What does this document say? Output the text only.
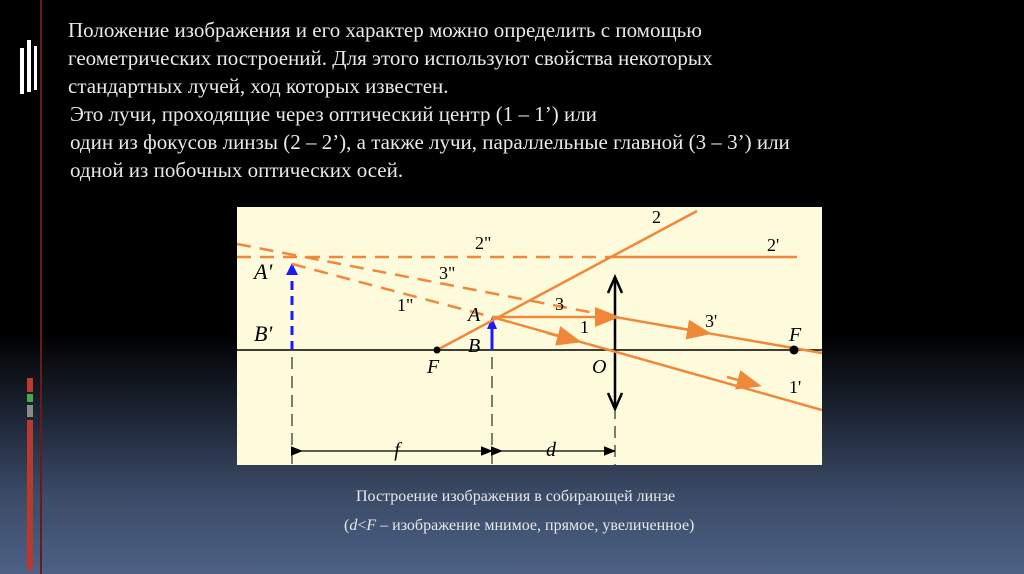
Положение изображения и его характер можно определить с помощью

геометрических построений. Для этого используют свойства некоторых

стандартных лучей, ход которых известен.

Это лучи, проходящие через оптический центр (1 – 1’) или

один из фокусов линзы (2 – 2’), а также лучи, параллельные главной (3 – 3’) или

одной из побочных оптических осей.

f	d
2
2'
2"
3"
1"	3
1	3'
1'
A'
B'
A
B
F
F
O
Построение изображения в собирающей линзе
(d<F – изображение мнимое, прямое, увеличенное)
